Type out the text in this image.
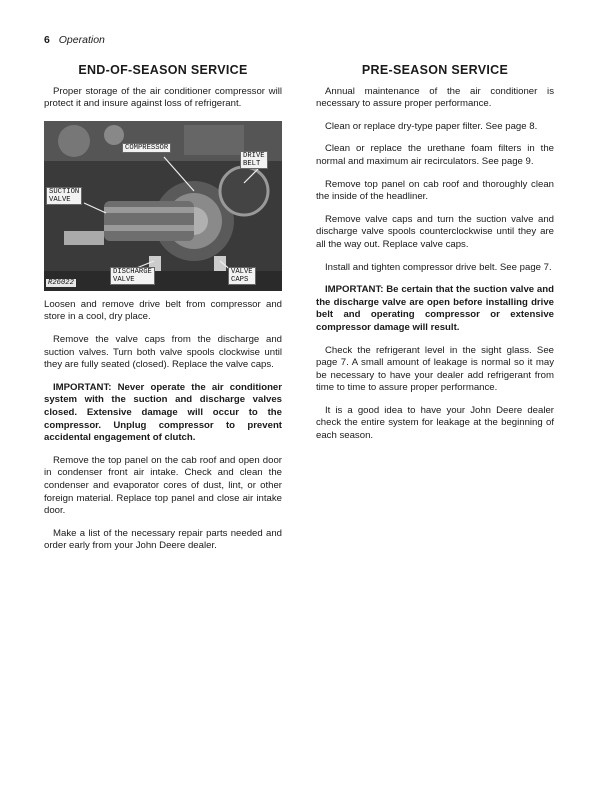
6 Operation
END-OF-SEASON SERVICE

Proper storage of the air conditioner compressor will protect it and insure against loss of refrigerant.

COMPRESSOR
DRIVE
BELT
SUCTION
VALVE
DISCHARGE
VALVE
VALVE
CAPS
R26022

Loosen and remove drive belt from compressor and store in a cool, dry place.

Remove the valve caps from the discharge and suction valves. Turn both valve spools clockwise until they are fully seated (closed). Replace the valve caps.

IMPORTANT: Never operate the air conditioner system with the suction and discharge valves closed. Extensive damage will occur to the compressor. Unplug compressor to prevent accidental engagement of clutch.

Remove the top panel on the cab roof and open door in condenser front air intake. Check and clean the condenser and evaporator cores of dust, lint, or other foreign material. Replace top panel and close air intake door.

Make a list of the necessary repair parts needed and order early from your John Deere dealer.

PRE-SEASON SERVICE

Annual maintenance of the air conditioner is necessary to assure proper performance.

Clean or replace dry-type paper filter. See page 8.

Clean or replace the urethane foam filters in the normal and maximum air recirculators. See page 9.

Remove top panel on cab roof and thoroughly clean the inside of the headliner.

Remove valve caps and turn the suction valve and discharge valve spools counterclockwise until they are all the way out. Replace valve caps.

Install and tighten compressor drive belt. See page 7.

IMPORTANT: Be certain that the suction valve and the discharge valve are open before installing drive belt and operating compressor or extensive compressor damage will result.

Check the refrigerant level in the sight glass. See page 7. A small amount of leakage is normal so it may be necessary to have your dealer add refrigerant from time to time to assure proper performance.

It is a good idea to have your John Deere dealer check the entire system for leakage at the beginning of each season.
